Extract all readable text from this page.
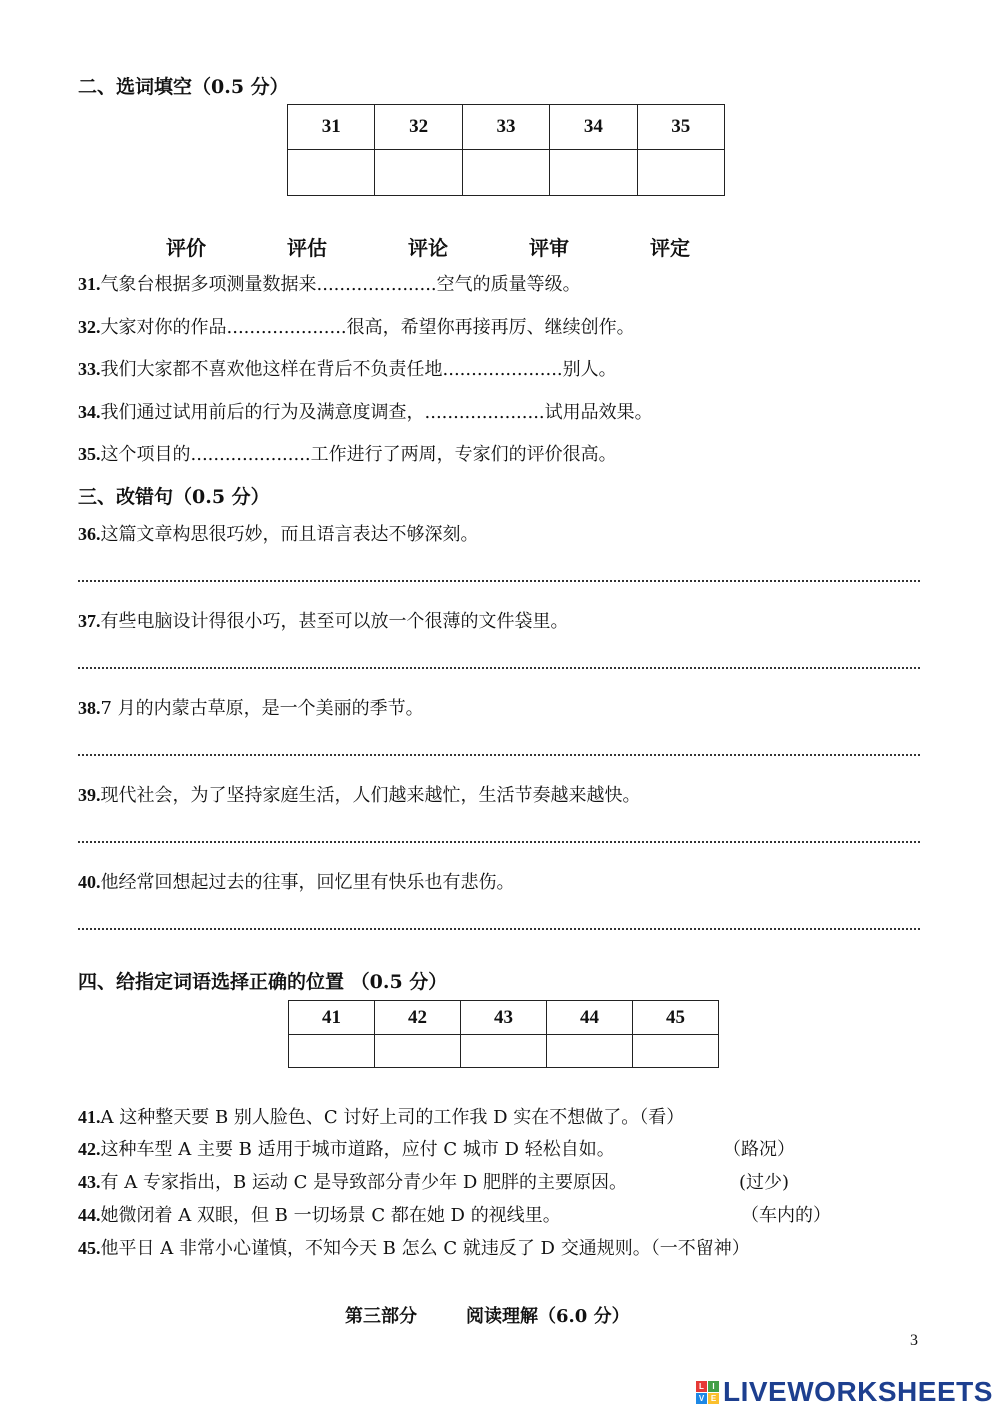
二、选词填空（0.5 分）
31	32	33	34	35

评价	评估	评论	评审	评定
31.气象台根据多项测量数据来.....................空气的质量等级。
32.大家对你的作品.....................很高，希望你再接再厉、继续创作。
33.我们大家都不喜欢他这样在背后不负责任地.....................别人。
34.我们通过试用前后的行为及满意度调查，.....................试用品效果。
35.这个项目的.....................工作进行了两周，专家们的评价很高。
三、改错句（0.5 分）
36.这篇文章构思很巧妙，而且语言表达不够深刻。
37.有些电脑设计得很小巧，甚至可以放一个很薄的文件袋里。
38.7 月的内蒙古草原，是一个美丽的季节。
39.现代社会，为了坚持家庭生活，人们越来越忙，生活节奏越来越快。
40.他经常回想起过去的往事，回忆里有快乐也有悲伤。
四、给指定词语选择正确的位置 （0.5 分）
41	42	43	44	45

41.A 这种整天要 B 别人脸色、C 讨好上司的工作我 D 实在不想做了。（看）
42.这种车型 A 主要 B 适用于城市道路，应付 C 城市 D 轻松自如。	（路况）
43.有 A 专家指出，B 运动 C 是导致部分青少年 D 肥胖的主要原因。	(过少)
44.她微闭着 A 双眼，但 B 一切场景 C 都在她 D 的视线里。	（车内的）
45.他平日 A 非常小心谨慎，不知今天 B 怎么 C 就违反了 D 交通规则。（一不留神）
第三部分	阅读理解（6.0 分）
3
L	I
V E LIVEWORKSHEETS
